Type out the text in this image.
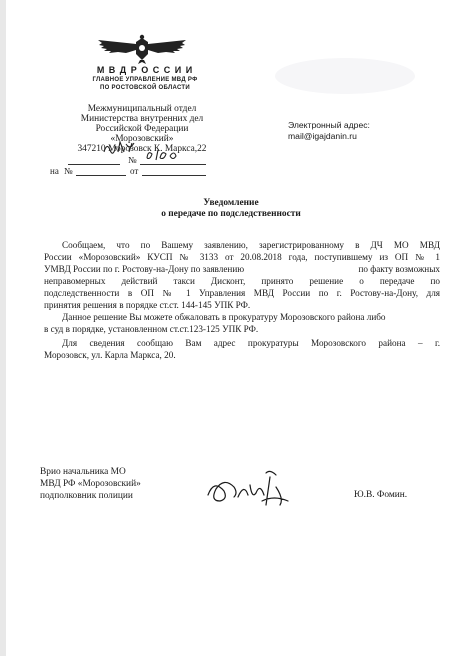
М В Д Р О С С И И
ГЛАВНОЕ УПРАВЛЕНИЕ МВД РФ
ПО РОСТОВСКОЙ ОБЛАСТИ
Межмуниципальный отдел
Министерства внутренних дел
Российской Федерации
«Морозовский»
347210 Морозовск К. Маркса,22
№
на №	от
Электронный адрес:
mail@igajdanin.ru
Уведомление
о передаче по подследственности
Сообщаем, что по Вашему заявлению, зарегистрированному в ДЧ МО МВД
России «Морозовский» КУСП № 3133 от 20.08.2018 года, поступившему из ОП № 1
УМВД России по г. Ростову-на-Дону по заявлению	по факту возможных
неправомерных действий такси Дисконт, принято решение о передаче по
подследственности в ОП № 1 Управления МВД России по г. Ростову-на-Дону, для
принятия решения в порядке ст.ст. 144-145 УПК РФ.
Данное решение Вы можете обжаловать в прокуратуру Морозовского района либо
в суд в порядке, установленном ст.ст.123-125 УПК РФ.
Для сведения сообщаю Вам адрес прокуратуры Морозовского района – г.
Морозовск, ул. Карла Маркса, 20.
Врио начальника МО
МВД РФ «Морозовский»
подполковник полиции	Ю.В. Фомин.
